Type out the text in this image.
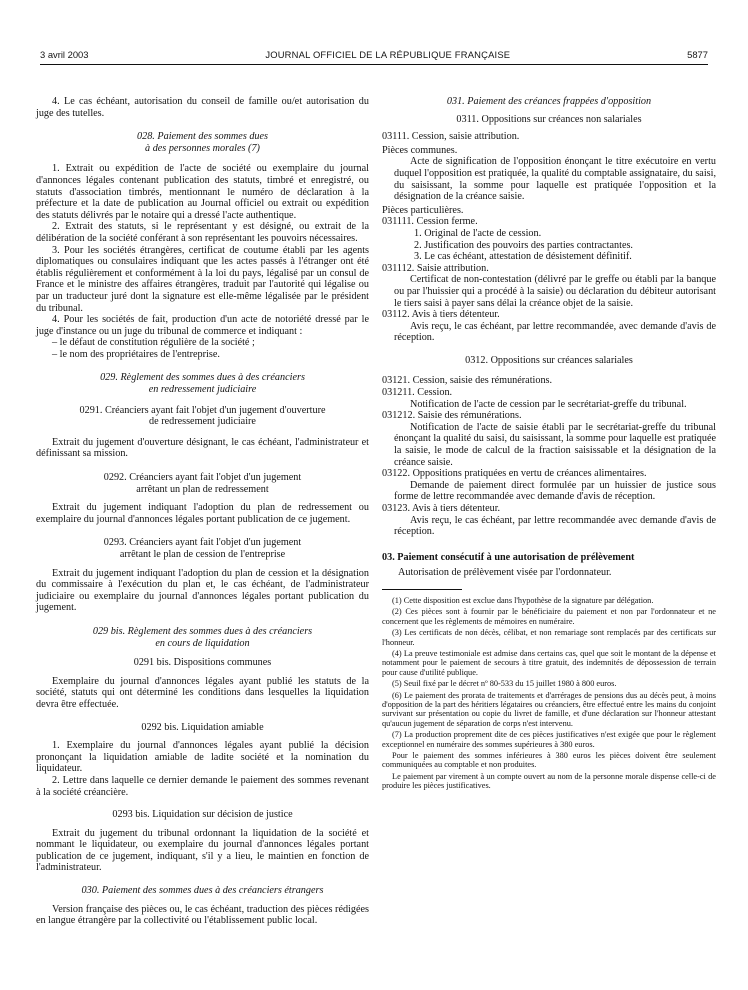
3 avril 2003	JOURNAL OFFICIEL DE LA RÉPUBLIQUE FRANÇAISE	5877

4. Le cas échéant, autorisation du conseil de famille ou/et autorisation du juge des tutelles.

028. Paiement des sommes dues
à des personnes morales (7)

1. Extrait ou expédition de l'acte de société ou exemplaire du journal d'annonces légales contenant publication des statuts, timbré et enregistré, ou statuts d'association timbrés, mentionnant le numéro de déclaration à la préfecture et la date de publication au Journal officiel ou extrait ou expédition des statuts délivrés par le notaire qui a dressé l'acte authentique.

2. Extrait des statuts, si le représentant y est désigné, ou extrait de la délibération de la société conférant à son représentant les pouvoirs nécessaires.

3. Pour les sociétés étrangères, certificat de coutume établi par les agents diplomatiques ou consulaires indiquant que les actes passés à l'étranger ont été établis régulièrement et conformément à la loi du pays, légalisé par un consul de France et le ministre des affaires étrangères, traduit par l'autorité qui légalise ou par un traducteur juré dont la signature est elle-même légalisée par le président du tribunal.

4. Pour les sociétés de fait, production d'un acte de notoriété dressé par le juge d'instance ou un juge du tribunal de commerce et indiquant :

– le défaut de constitution régulière de la société ;

– le nom des propriétaires de l'entreprise.

029. Règlement des sommes dues à des créanciers
en redressement judiciaire
0291. Créanciers ayant fait l'objet d'un jugement d'ouverture
de redressement judiciaire

Extrait du jugement d'ouverture désignant, le cas échéant, l'administrateur et définissant sa mission.

0292. Créanciers ayant fait l'objet d'un jugement
arrêtant un plan de redressement

Extrait du jugement indiquant l'adoption du plan de redressement ou exemplaire du journal d'annonces légales portant publication de ce jugement.

0293. Créanciers ayant fait l'objet d'un jugement
arrêtant le plan de cession de l'entreprise

Extrait du jugement indiquant l'adoption du plan de cession et la désignation du commissaire à l'exécution du plan et, le cas échéant, de l'administrateur judiciaire ou exemplaire du journal d'annonces légales portant publication du jugement.

029 bis. Règlement des sommes dues à des créanciers
en cours de liquidation
0291 bis. Dispositions communes

Exemplaire du journal d'annonces légales ayant publié les statuts de la société, statuts qui ont déterminé les conditions dans lesquelles la liquidation devra être effectuée.

0292 bis. Liquidation amiable

1. Exemplaire du journal d'annonces légales ayant publié la décision prononçant la liquidation amiable de ladite société et la nomination du liquidateur.

2. Lettre dans laquelle ce dernier demande le paiement des sommes revenant à la société créancière.

0293 bis. Liquidation sur décision de justice

Extrait du jugement du tribunal ordonnant la liquidation de la société et nommant le liquidateur, ou exemplaire du journal d'annonces légales portant publication de ce jugement, indiquant, s'il y a lieu, le maintien en fonction de l'administrateur.

030. Paiement des sommes dues à des créanciers étrangers

Version française des pièces ou, le cas échéant, traduction des pièces rédigées en langue étrangère par la collectivité ou l'établissement public local.

031. Paiement des créances frappées d'opposition
0311. Oppositions sur créances non salariales

03111. Cession, saisie attribution.

Pièces communes.

Acte de signification de l'opposition énonçant le titre exécutoire en vertu duquel l'opposition est pratiquée, la qualité du comptable assignataire, du saisi, du saisissant, la somme pour laquelle est pratiquée l'opposition et la désignation de la créance saisie.

Pièces particulières.

031111. Cession ferme.

1. Original de l'acte de cession.

2. Justification des pouvoirs des parties contractantes.

3. Le cas échéant, attestation de désistement définitif.

031112. Saisie attribution.

Certificat de non-contestation (délivré par le greffe ou établi par la banque ou par l'huissier qui a procédé à la saisie) ou déclaration du débiteur autorisant le tiers saisi à payer sans délai la créance objet de la saisie.

03112. Avis à tiers détenteur.

Avis reçu, le cas échéant, par lettre recommandée, avec demande d'avis de réception.

0312. Oppositions sur créances salariales

03121. Cession, saisie des rémunérations.

031211. Cession.

Notification de l'acte de cession par le secrétariat-greffe du tribunal.

031212. Saisie des rémunérations.

Notification de l'acte de saisie établi par le secrétariat-greffe du tribunal énonçant la qualité du saisi, du saisissant, la somme pour laquelle est pratiquée la saisie, le mode de calcul de la fraction saisissable et la désignation de la créance saisie.

03122. Oppositions pratiquées en vertu de créances alimentaires.

Demande de paiement direct formulée par un huissier de justice sous forme de lettre recommandée avec demande d'avis de réception.

03123. Avis à tiers détenteur.

Avis reçu, le cas échéant, par lettre recommandée avec demande d'avis de réception.

03. Paiement consécutif à une autorisation de prélèvement

Autorisation de prélèvement visée par l'ordonnateur.

(1) Cette disposition est exclue dans l'hypothèse de la signature par délégation.

(2) Ces pièces sont à fournir par le bénéficiaire du paiement et non par l'ordonnateur et ne concernent que les règlements de mémoires en numéraire.

(3) Les certificats de non décès, célibat, et non remariage sont remplacés par des certificats sur l'honneur.

(4) La preuve testimoniale est admise dans certains cas, quel que soit le montant de la dépense et notamment pour le paiement de secours à titre gratuit, des indemnités de dépossession de terrain pour cause d'utilité publique.

(5) Seuil fixé par le décret nº 80-533 du 15 juillet 1980 à 800 euros.

(6) Le paiement des prorata de traitements et d'arrérages de pensions dus au décès peut, à moins d'opposition de la part des héritiers légataires ou créanciers, être effectué entre les mains du conjoint survivant sur présentation ou copie du livret de famille, et d'une déclaration sur l'honneur attestant qu'aucun jugement de séparation de corps n'est intervenu.

(7) La production proprement dite de ces pièces justificatives n'est exigée que pour le règlement exceptionnel en numéraire des sommes supérieures à 380 euros.

Pour le paiement des sommes inférieures à 380 euros les pièces doivent être seulement communiquées au comptable et non produites.

Le paiement par virement à un compte ouvert au nom de la personne morale dispense celle-ci de produire les pièces justificatives.
